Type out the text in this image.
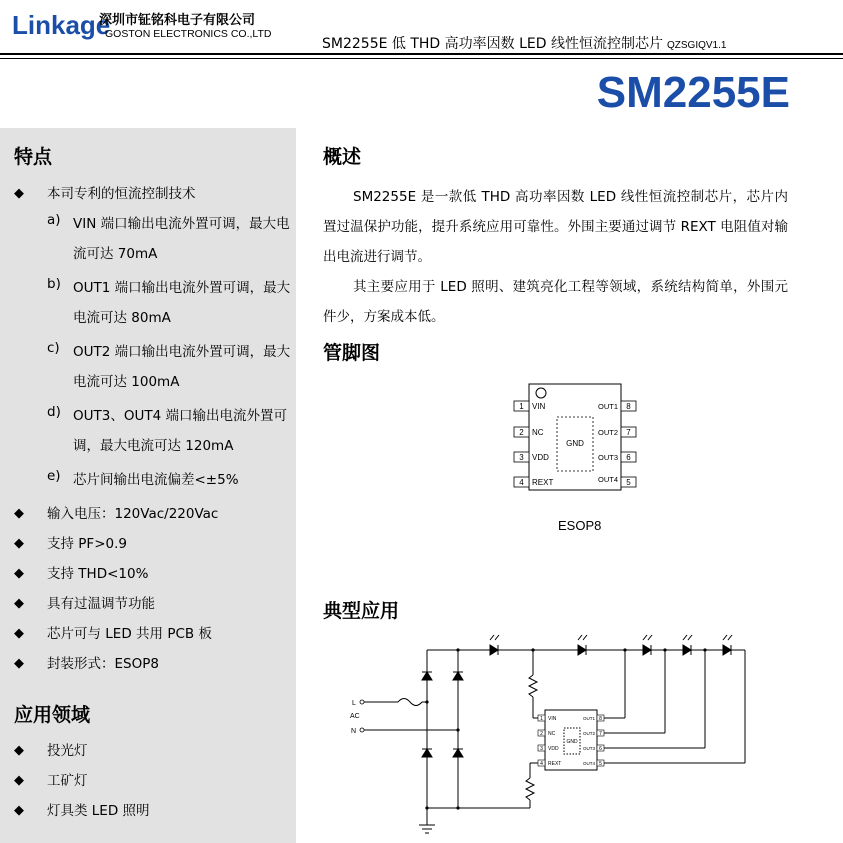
Linkage
深圳市钲铭科电子有限公司
GOSTON ELECTRONICS CO.,LTD
SM2255E 低 THD 高功率因数 LED 线性恒流控制芯片 QZSGIQV1.1
SM2255E
特点
◆ 本司专利的恒流控制技术
a) VIN 端口输出电流外置可调，最大电流可达 70mA
b) OUT1 端口输出电流外置可调，最大电流可达 80mA
c) OUT2 端口输出电流外置可调，最大电流可达 100mA
d) OUT3、OUT4 端口输出电流外置可调，最大电流可达 120mA
e) 芯片间输出电流偏差<±5%
◆ 输入电压：120Vac/220Vac
◆ 支持 PF>0.9
◆ 支持 THD<10%
◆ 具有过温调节功能
◆ 芯片可与 LED 共用 PCB 板
◆ 封装形式：ESOP8
应用领域
◆ 投光灯
◆ 工矿灯
◆ 灯具类 LED 照明
概述
SM2255E 是一款低 THD 高功率因数 LED 线性恒流控制芯片，芯片内置过温保护功能，提升系统应用可靠性。外围主要通过调节 REXT 电阻值对输出电流进行调节。
其主要应用于 LED 照明、建筑亮化工程等领域，系统结构简单，外围元件少，方案成本低。
管脚图
GND
1 VIN
2 NC
3 VDD
4 REXT
8
OUT1
7
OUT2
6
OUT3
5
OUT4
ESOP8
典型应用
L
AC
N
1
2
3
4
VIN
NC
VDD
REXT
8
7
6
5
OUT1
OUT2
OUT3
OUT4
GND
